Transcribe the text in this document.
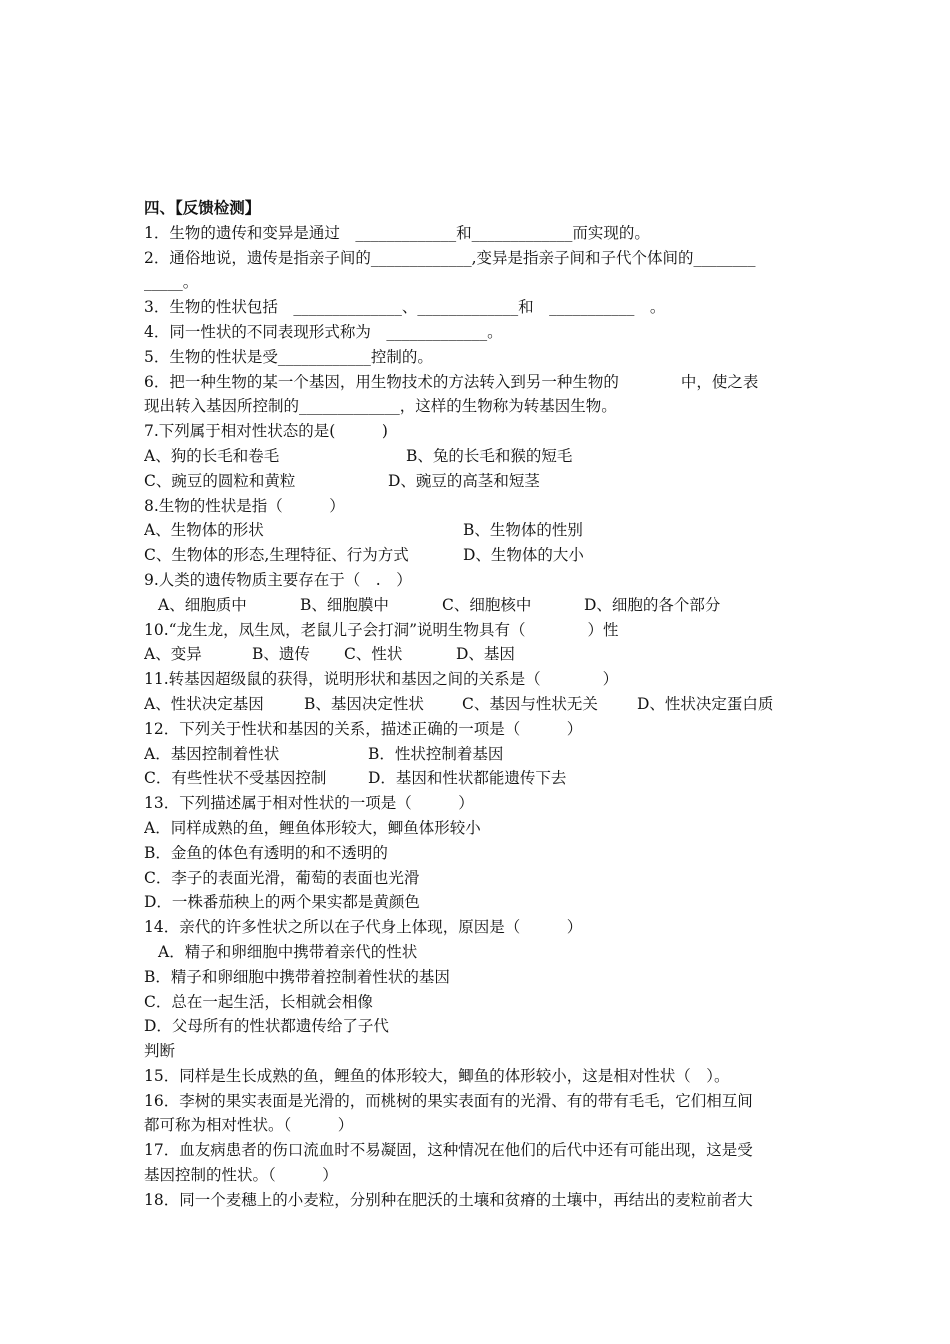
四、【反馈检测】
1．生物的遗传和变异是通过　_____________和_____________而实现的。
2．通俗地说，遗传是指亲子间的_____________,变异是指亲子间和子代个体间的________
_____。
3．生物的性状包括　______________、_____________和　___________　。
4．同一性状的不同表现形式称为　_____________。
5．生物的性状是受____________控制的。
6．把一种生物的某一个基因，用生物技术的方法转入到另一种生物的　　　　中，使之表
现出转入基因所控制的_____________，这样的生物称为转基因生物。
7.下列属于相对性状态的是(　　　)
A、狗的长毛和卷毛	B、兔的长毛和猴的短毛
C、豌豆的圆粒和黄粒	D、豌豆的高茎和短茎
8.生物的性状是指（　　　）
A、生物体的形状	B、生物体的性别
C、生物体的形态,生理特征、行为方式	D、生物体的大小
9.人类的遗传物质主要存在于（　.　）
A、细胞质中	B、细胞膜中	C、细胞核中	D、细胞的各个部分
10.“龙生龙，凤生凤，老鼠儿子会打洞”说明生物具有（　　　　）性
A、变异	B、遗传	C、性状	D、基因
11.转基因超级鼠的获得，说明形状和基因之间的关系是（　　　　）
A、性状决定基因	B、基因决定性状	C、基因与性状无关	D、性状决定蛋白质
12．下列关于性状和基因的关系，描述正确的一项是（　　　）
A．基因控制着性状	B．性状控制着基因
C．有些性状不受基因控制	D．基因和性状都能遗传下去
13．下列描述属于相对性状的一项是（　　　）
A．同样成熟的鱼，鲤鱼体形较大，鲫鱼体形较小
B．金鱼的体色有透明的和不透明的
C．李子的表面光滑，葡萄的表面也光滑
D．一株番茄秧上的两个果实都是黄颜色
14．亲代的许多性状之所以在子代身上体现，原因是（　　　）
A．精子和卵细胞中携带着亲代的性状
B．精子和卵细胞中携带着控制着性状的基因
C．总在一起生活，长相就会相像
D．父母所有的性状都遗传给了子代
判断
15．同样是生长成熟的鱼，鲤鱼的体形较大，鲫鱼的体形较小，这是相对性状（　）。
16．李树的果实表面是光滑的，而桃树的果实表面有的光滑、有的带有毛毛，它们相互间
都可称为相对性状。（　　　）
17．血友病患者的伤口流血时不易凝固，这种情况在他们的后代中还有可能出现，这是受
基因控制的性状。（　　　）
18．同一个麦穗上的小麦粒，分别种在肥沃的土壤和贫瘠的土壤中，再结出的麦粒前者大
